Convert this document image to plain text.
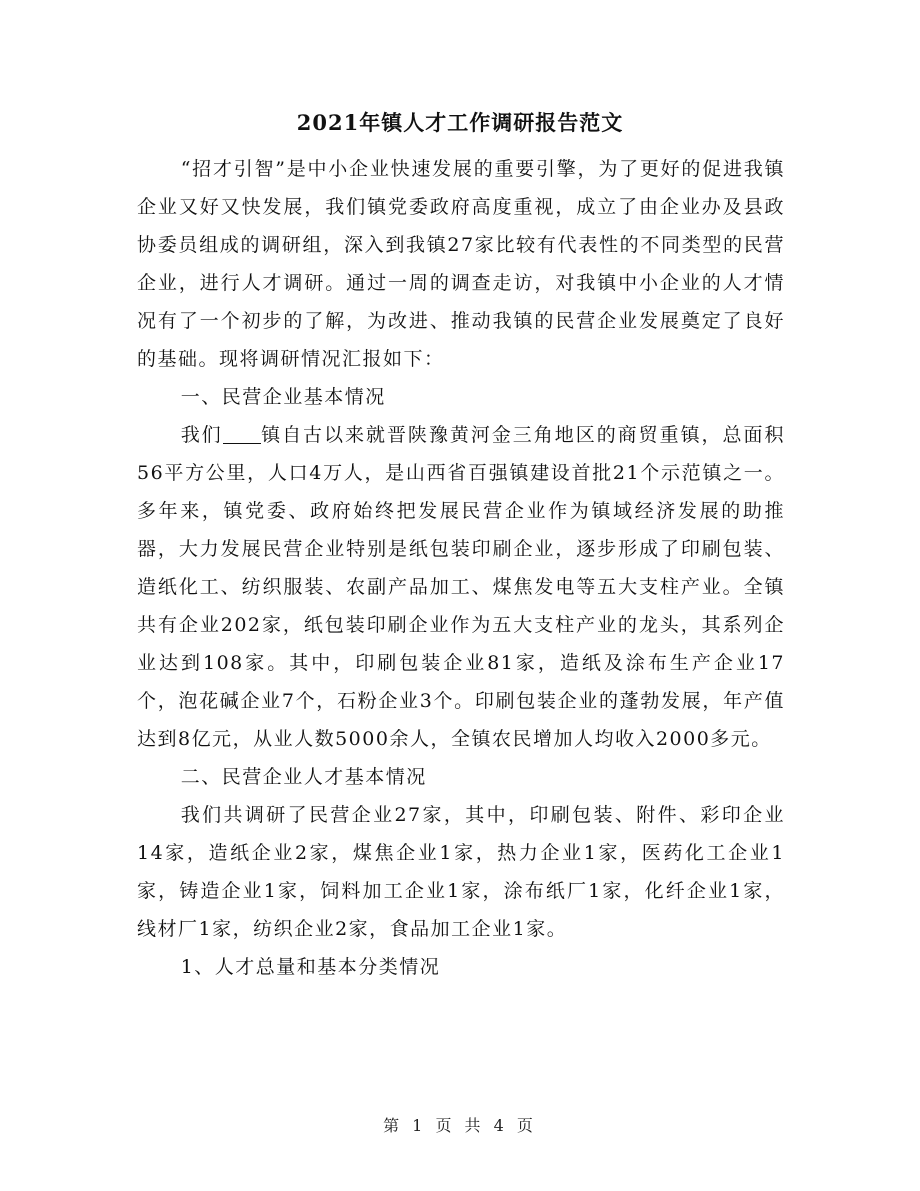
2021年镇人才工作调研报告范文

“招才引智”是中小企业快速发展的重要引擎，为了更好的促进我镇企业又好又快发展，我们镇党委政府高度重视，成立了由企业办及县政协委员组成的调研组，深入到我镇27家比较有代表性的不同类型的民营企业，进行人才调研。通过一周的调查走访，对我镇中小企业的人才情况有了一个初步的了解，为改进、推动我镇的民营企业发展奠定了良好的基础。现将调研情况汇报如下：

一、民营企业基本情况

我们 镇自古以来就晋陕豫黄河金三角地区的商贸重镇，总面积56平方公里，人口4万人，是山西省百强镇建设首批21个示范镇之一。多年来，镇党委、政府始终把发展民营企业作为镇域经济发展的助推器，大力发展民营企业特别是纸包装印刷企业，逐步形成了印刷包装、造纸化工、纺织服装、农副产品加工、煤焦发电等五大支柱产业。全镇共有企业202家，纸包装印刷企业作为五大支柱产业的龙头，其系列企业达到108家。其中，印刷包装企业81家，造纸及涂布生产企业17个，泡花碱企业7个，石粉企业3个。印刷包装企业的蓬勃发展，年产值达到8亿元，从业人数5000余人，全镇农民增加人均收入2000多元。

二、民营企业人才基本情况

我们共调研了民营企业27家，其中，印刷包装、附件、彩印企业14家，造纸企业2家，煤焦企业1家，热力企业1家，医药化工企业1家，铸造企业1家，饲料加工企业1家，涂布纸厂1家，化纤企业1家，线材厂1家，纺织企业2家，食品加工企业1家。

1、人才总量和基本分类情况

第 1 页 共 4 页
